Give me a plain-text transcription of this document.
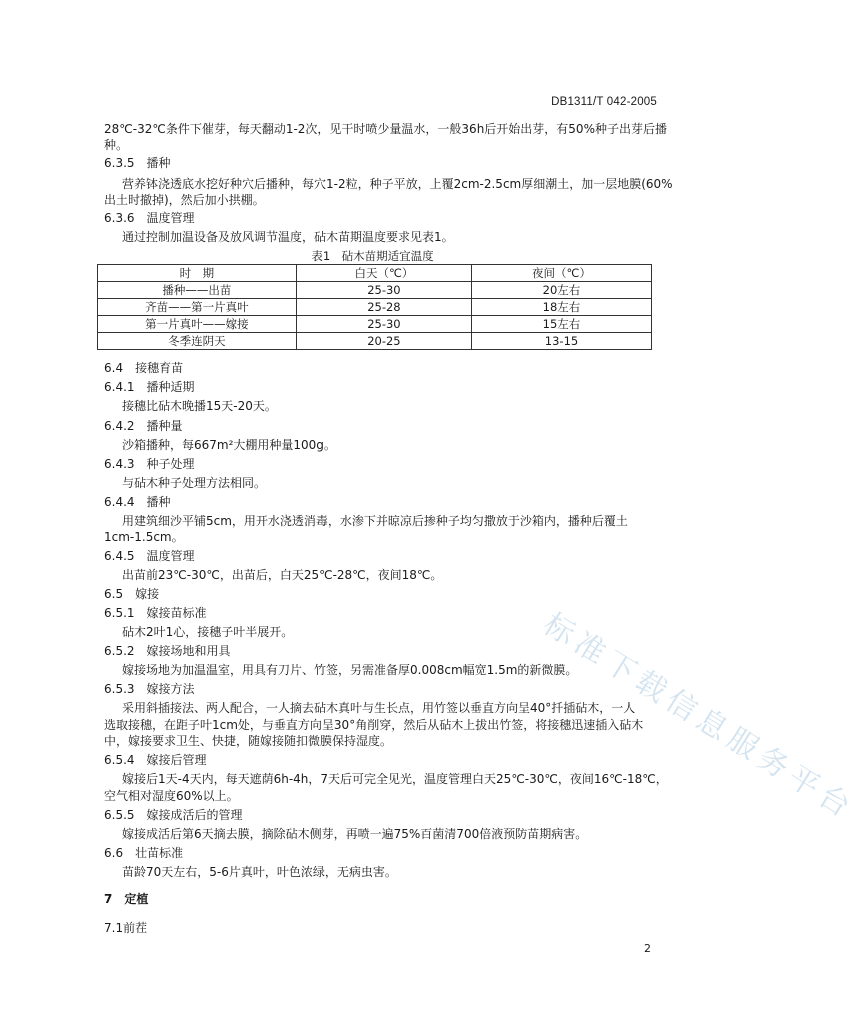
DB1311/T 042-2005
28℃-32℃条件下催芽，每天翻动1-2次，见干时喷少量温水，一般36h后开始出芽，有50%种子出芽后播
种。
6.3.5　播种
营养钵浇透底水挖好种穴后播种，每穴1-2粒，种子平放，上覆2cm-2.5cm厚细潮土，加一层地膜(60%
出土时撤掉)，然后加小拱棚。
6.3.6　温度管理
通过控制加温设备及放风调节温度，砧木苗期温度要求见表1。
6.4　接穗育苗
6.4.1　播种适期
接穗比砧木晚播15天-20天。
6.4.2　播种量
沙箱播种，每667m²大棚用种量100g。
6.4.3　种子处理
与砧木种子处理方法相同。
6.4.4　播种
用建筑细沙平铺5cm，用开水浇透消毒，水渗下并晾凉后掺种子均匀撒放于沙箱内，播种后覆土
1cm-1.5cm。
6.4.5　温度管理
出苗前23℃-30℃，出苗后，白天25℃-28℃，夜间18℃。
6.5　嫁接
6.5.1　嫁接苗标准
砧木2叶1心，接穗子叶半展开。
6.5.2　嫁接场地和用具
嫁接场地为加温温室，用具有刀片、竹签，另需准备厚0.008cm幅宽1.5m的新微膜。
6.5.3　嫁接方法
采用斜插接法、两人配合，一人摘去砧木真叶与生长点，用竹签以垂直方向呈40°扦插砧木，一人
选取接穗，在距子叶1cm处，与垂直方向呈30°角削穿，然后从砧木上拔出竹签，将接穗迅速插入砧木
中，嫁接要求卫生、快捷，随嫁接随扣微膜保持湿度。
6.5.4　嫁接后管理
嫁接后1天-4天内，每天遮荫6h-4h，7天后可完全见光，温度管理白天25℃-30℃，夜间16℃-18℃，
空气相对湿度60%以上。
6.5.5　嫁接成活后的管理
嫁接成活后第6天摘去膜，摘除砧木侧芽，再喷一遍75%百菌清700倍液预防苗期病害。
6.6　壮苗标准
苗龄70天左右，5-6片真叶，叶色浓绿，无病虫害。
7　定植
7.1前茬
表1　砧木苗期适宜温度
时　期	白天（℃）	夜间（℃）
播种——出苗	25-30	20左右
齐苗——第一片真叶	25-28	18左右
第一片真叶——嫁接	25-30	15左右
冬季连阴天	20-25	13-15
标准下载信息服务平台
2
